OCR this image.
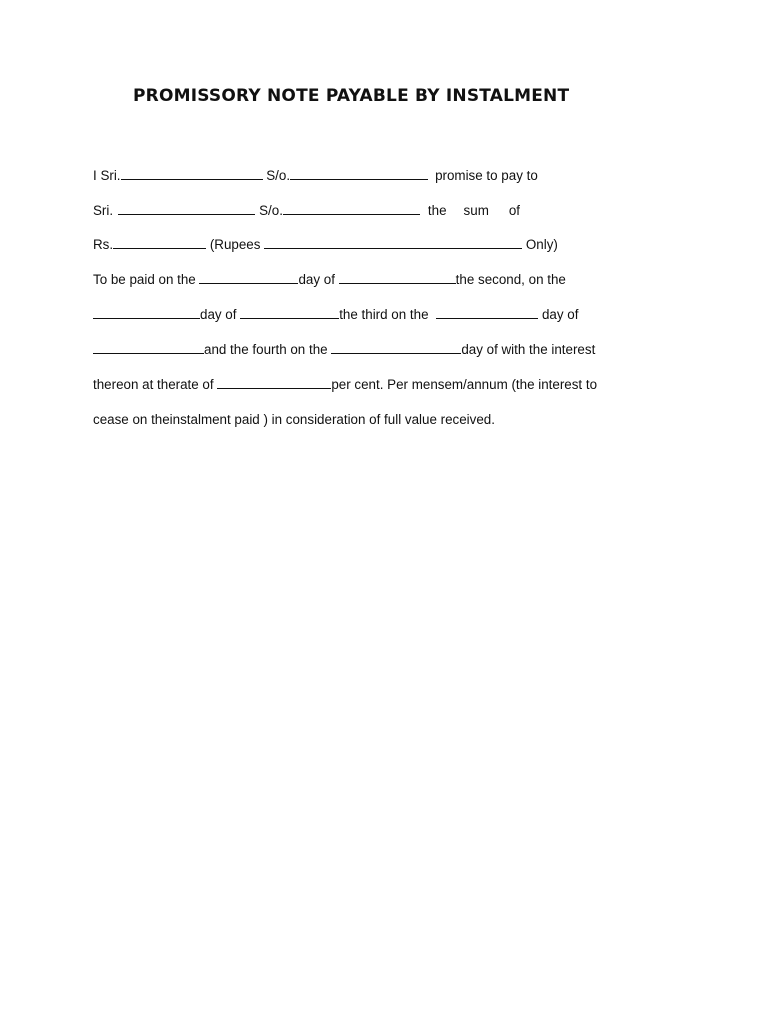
PROMISSORY NOTE PAYABLE BY INSTALMENT
I Sri.	S/o.	promise to pay to
Sri.	S/o.	the sum of
Rs.	(Rupees	Only)
To be paid on the	day of	the second, on the
day of	the third on the	day of
and the fourth on the	day of with the interest
thereon at therate of	per cent. Per mensem/annum (the interest to
cease on theinstalment paid ) in consideration of full value received.
